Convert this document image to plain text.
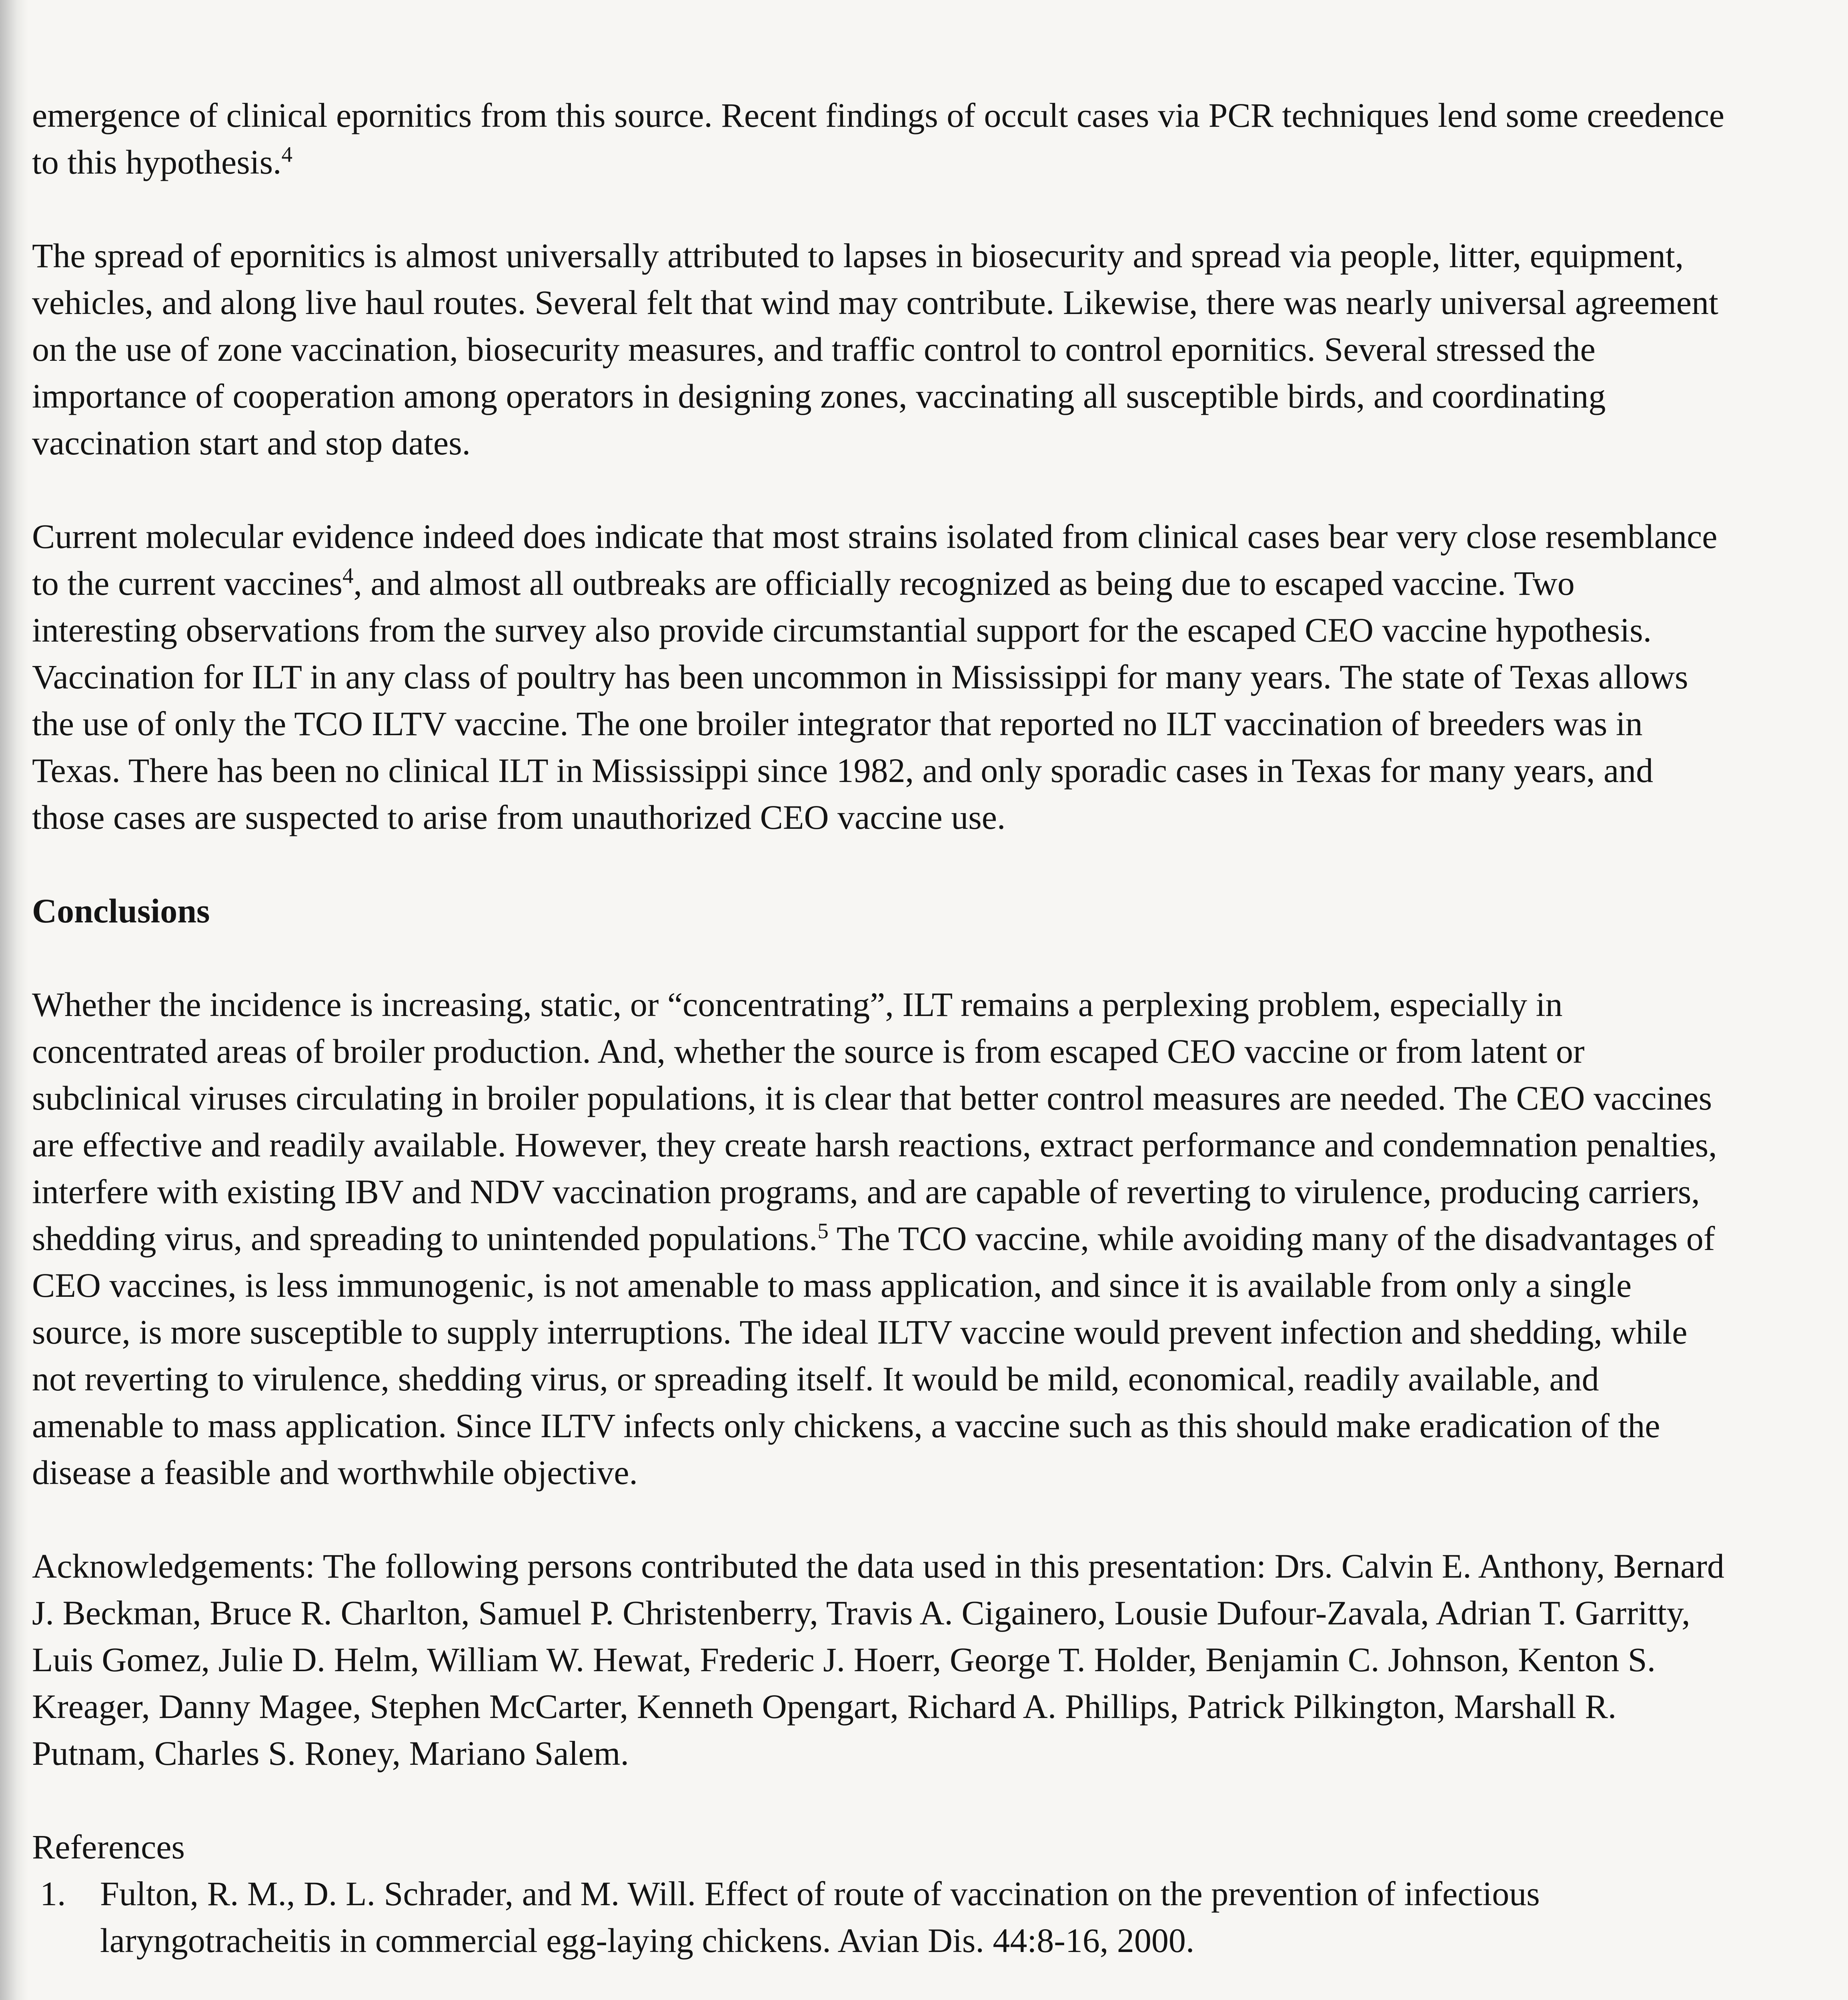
emergence of clinical epornitics from this source. Recent findings of occult cases via PCR techniques lend some creedence to this hypothesis.$^4$

The spread of epornitics is almost universally attributed to lapses in biosecurity and spread via people, litter, equipment, vehicles, and along live haul routes. Several felt that wind may contribute. Likewise, there was nearly universal agreement on the use of zone vaccination, biosecurity measures, and traffic control to control epornitics. Several stressed the importance of cooperation among operators in designing zones, vaccinating all susceptible birds, and coordinating vaccination start and stop dates.

Current molecular evidence indeed does indicate that most strains isolated from clinical cases bear very close resemblance to the current vaccines$^4$, and almost all outbreaks are officially recognized as being due to escaped vaccine. Two interesting observations from the survey also provide circumstantial support for the escaped CEO vaccine hypothesis. Vaccination for ILT in any class of poultry has been uncommon in Mississippi for many years. The state of Texas allows the use of only the TCO ILTV vaccine. The one broiler integrator that reported no ILT vaccination of breeders was in Texas. There has been no clinical ILT in Mississippi since 1982, and only sporadic cases in Texas for many years, and those cases are suspected to arise from unauthorized CEO vaccine use.

Conclusions

Whether the incidence is increasing, static, or “concentrating”, ILT remains a perplexing problem, especially in concentrated areas of broiler production. And, whether the source is from escaped CEO vaccine or from latent or subclinical viruses circulating in broiler populations, it is clear that better control measures are needed. The CEO vaccines are effective and readily available. However, they create harsh reactions, extract performance and condemnation penalties, interfere with existing IBV and NDV vaccination programs, and are capable of reverting to virulence, producing carriers, shedding virus, and spreading to unintended populations.$^5$ The TCO vaccine, while avoiding many of the disadvantages of CEO vaccines, is less immunogenic, is not amenable to mass application, and since it is available from only a single source, is more susceptible to supply interruptions. The ideal ILTV vaccine would prevent infection and shedding, while not reverting to virulence, shedding virus, or spreading itself. It would be mild, economical, readily available, and amenable to mass application. Since ILTV infects only chickens, a vaccine such as this should make eradication of the disease a feasible and worthwhile objective.

Acknowledgements: The following persons contributed the data used in this presentation: Drs. Calvin E. Anthony, Bernard J. Beckman, Bruce R. Charlton, Samuel P. Christenberry, Travis A. Cigainero, Lousie Dufour-Zavala, Adrian T. Garritty, Luis Gomez, Julie D. Helm, William W. Hewat, Frederic J. Hoerr, George T. Holder, Benjamin C. Johnson, Kenton S. Kreager, Danny Magee, Stephen McCarter, Kenneth Opengart, Richard A. Phillips, Patrick Pilkington, Marshall R. Putnam, Charles S. Roney, Mariano Salem.

References

1. Fulton, R. M., D. L. Schrader, and M. Will. Effect of route of vaccination on the prevention of infectious laryngotracheitis in commercial egg-laying chickens. Avian Dis. 44:8-16, 2000.
